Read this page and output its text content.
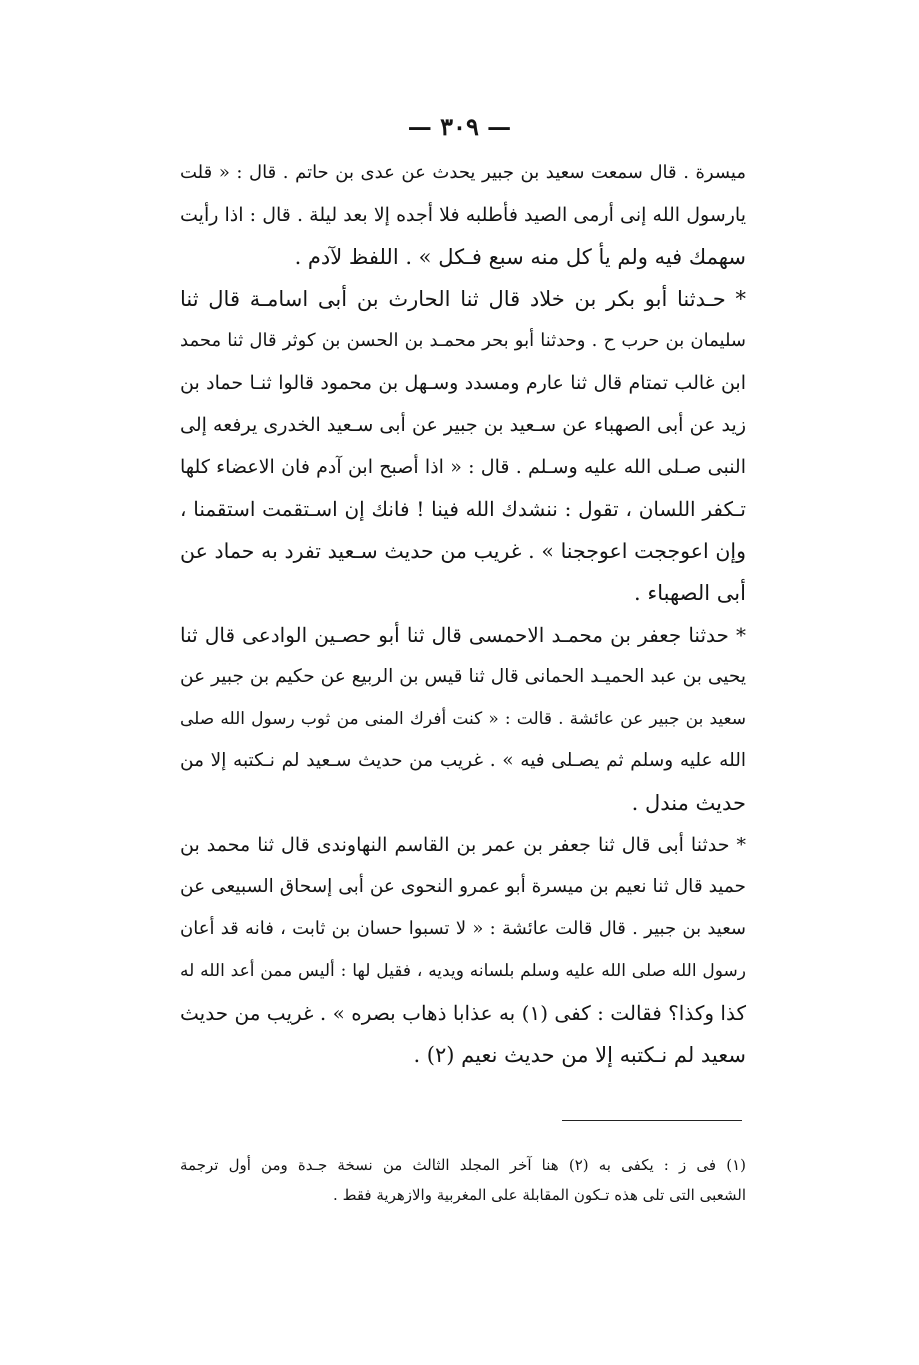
— ٣٠٩ —
ميسرة . قال سمعت سعيد بن جبير يحدث عن عدى بن حاتم . قال : « قلت
يارسول الله إنى أرمى الصيد فأطلبه فلا أجده إلا بعد ليلة . قال : اذا رأيت
سهمك فيه ولم يأ كل منه سبع فـكل » . اللفظ لآدم .
* حـدثنا أبو بكر بن خلاد قال ثنا الحارث بن أبى اسامـة قال ثنا
سليمان بن حرب ح . وحدثنا أبو بحر محمـد بن الحسن بن كوثر قال ثنا محمد
ابن غالب تمتام قال ثنا عارم ومسدد وسـهل بن محمود قالوا ثنـا حماد بن
زيد عن أبى الصهباء عن سـعيد بن جبير عن أبى سـعيد الخدرى يرفعه إلى
النبى صـلى الله عليه وسـلم . قال : « اذا أصبح ابن آدم فان الاعضاء كلها
تـكفر اللسان ، تقول : ننشدك الله فينا ! فانك إن اسـتقمت استقمنا ،
وإن اعوججت اعوججنا » . غريب من حديث سـعيد تفرد به حماد عن
أبى الصهباء .
* حدثنا جعفر بن محمـد الاحمسى قال ثنا أبو حصـين الوادعى قال ثنا
يحيى بن عبد الحميـد الحمانى قال ثنا قيس بن الربيع عن حكيم بن جبير عن
سعيد بن جبير عن عائشة . قالت : « كنت أفرك المنى من ثوب رسول الله صلى
الله عليه وسلم ثم يصـلى فيه » . غريب من حديث سـعيد لم نـكتبه إلا من
حديث مندل .
* حدثنا أبى قال ثنا جعفر بن عمر بن القاسم النهاوندى قال ثنا محمد بن
حميد قال ثنا نعيم بن ميسرة أبو عمرو النحوى عن أبى إسحاق السبيعى عن
سعيد بن جبير . قال قالت عائشة : « لا تسبوا حسان بن ثابت ، فانه قد أعان
رسول الله صلى الله عليه وسلم بلسانه ويديه ، فقيل لها : أليس ممن أعد الله له
كذا وكذا؟ فقالت : كفى (١) به عذابا ذهاب بصره » . غريب من حديث
سعيد لم نـكتبه إلا من حديث نعيم (٢) .
(١) فى ز : يكفى به (٢) هنا آخر المجلد الثالث من نسخة جـدة ومن أول ترجمة
الشعبى التى تلى هذه تـكون المقابلة على المغربية والازهرية فقط .
